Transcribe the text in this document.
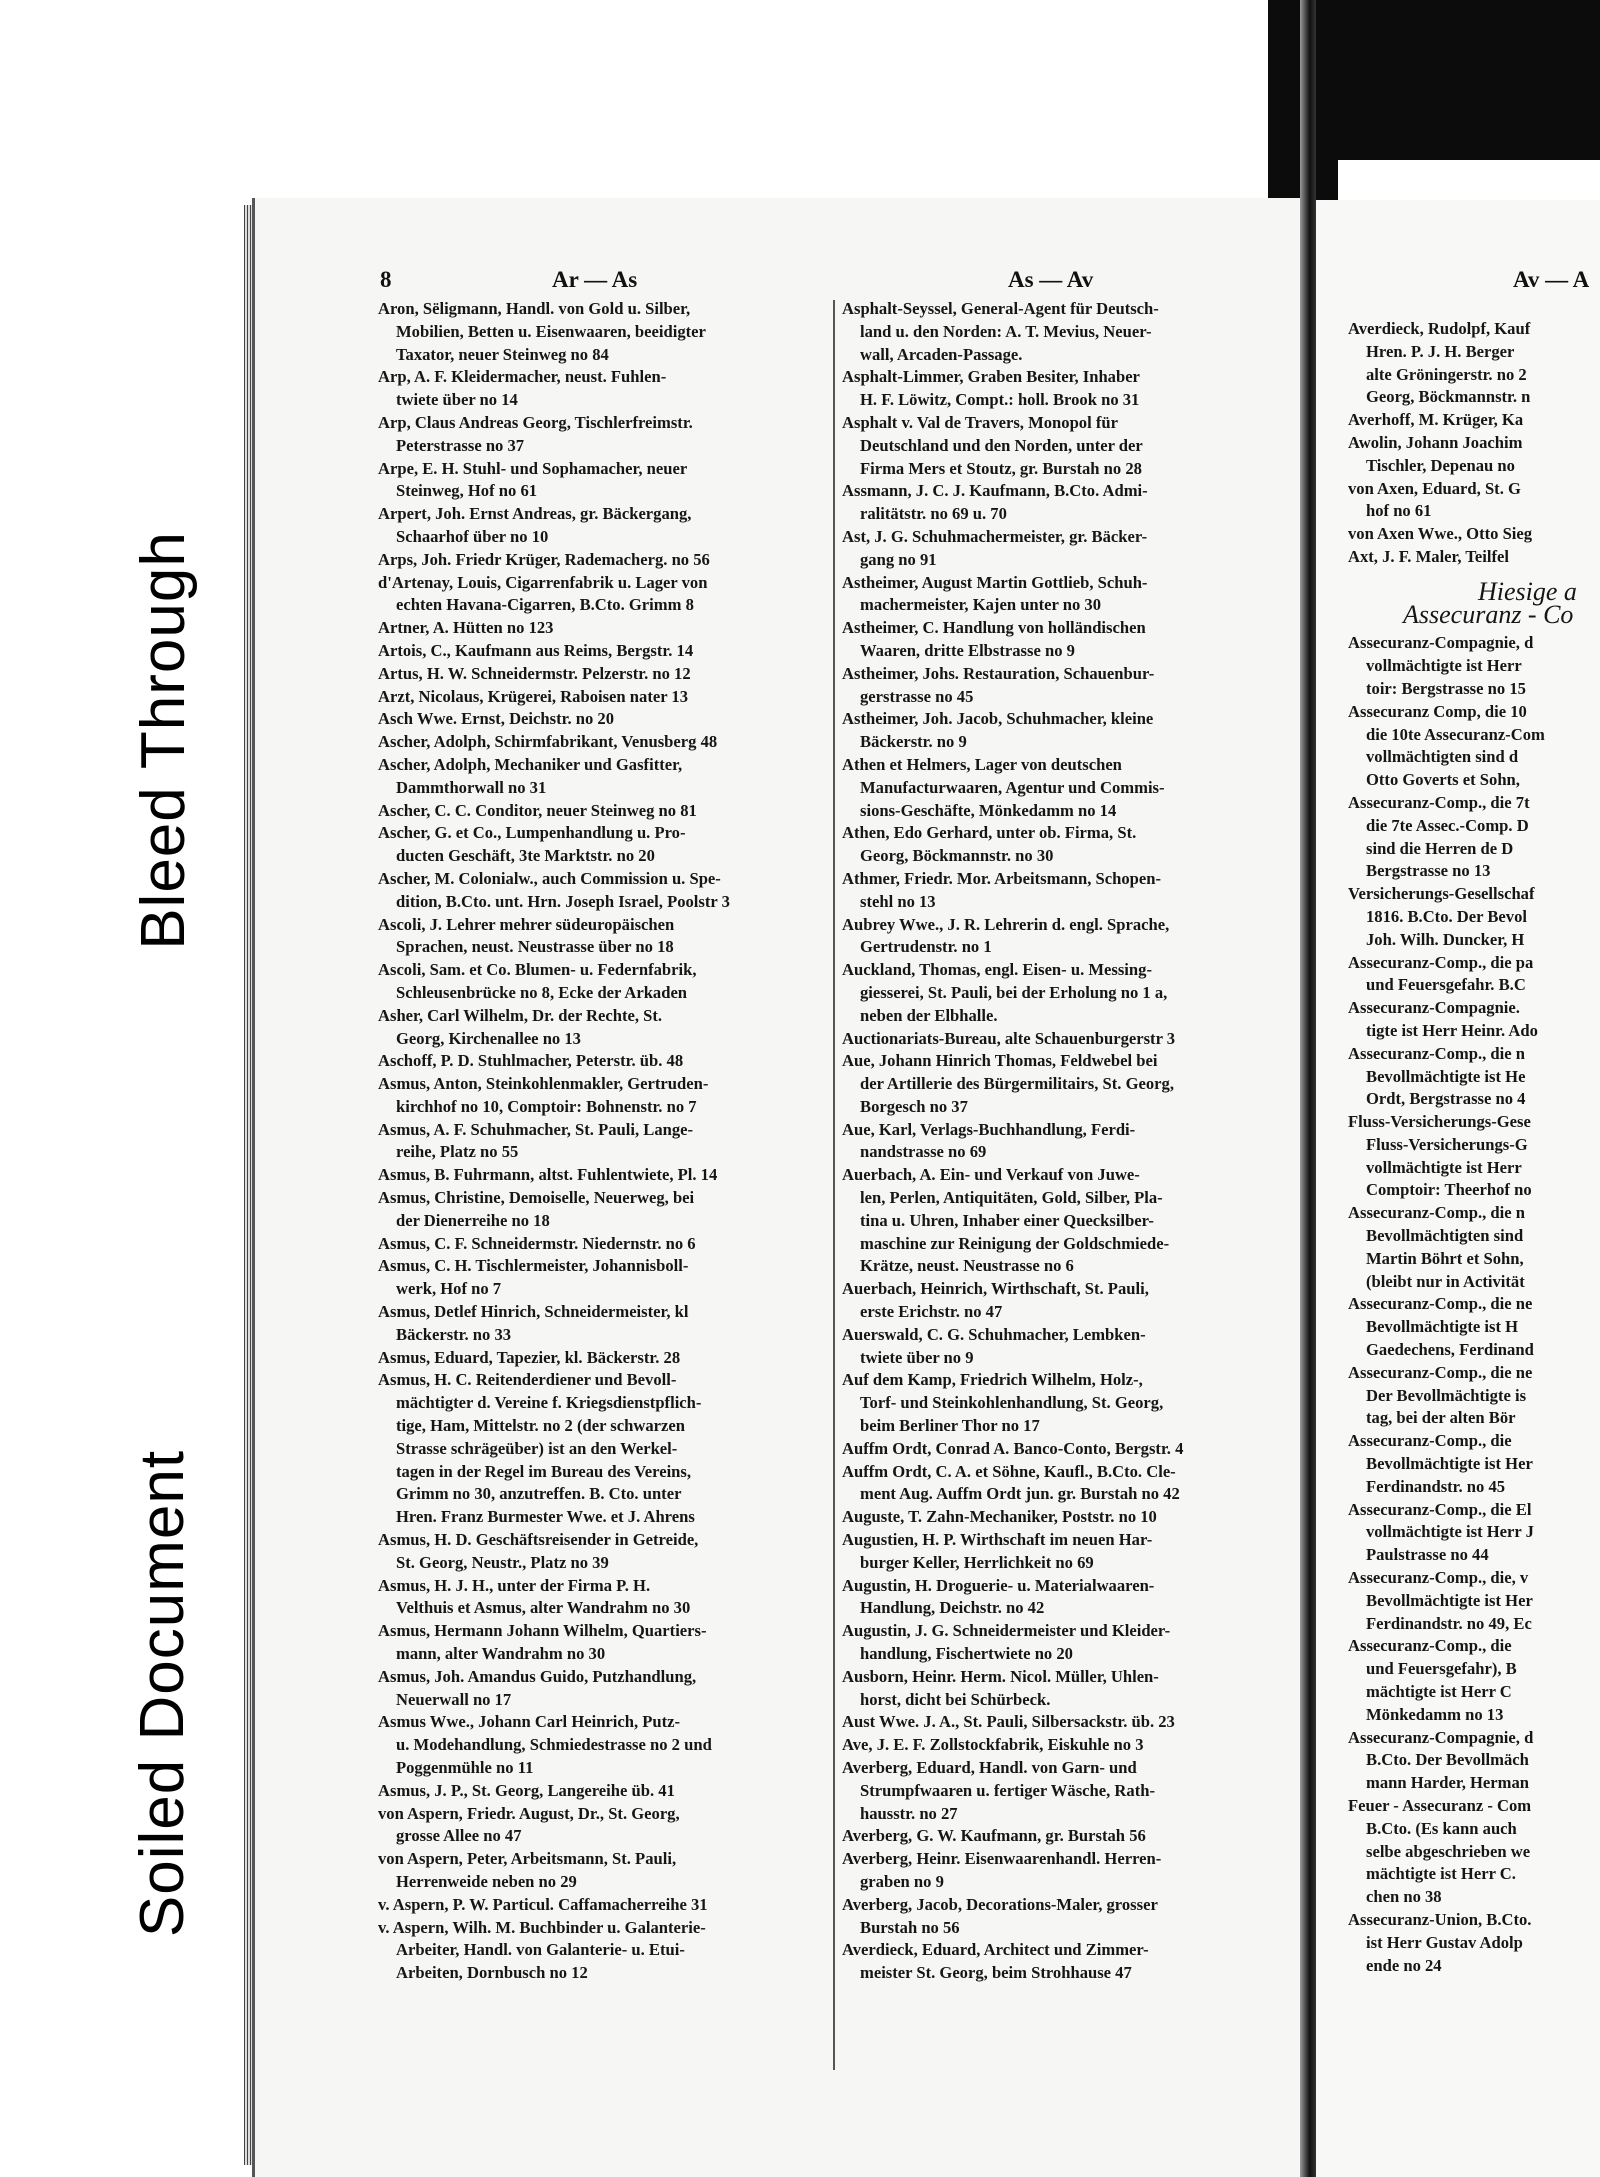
Bleed Through
Soiled Document
8	Ar — As	As — Av	Av — A
Aron, Sëligmann, Handl. von Gold u. Silber,
Mobilien, Betten u. Eisenwaaren, beeidigter
Taxator, neuer Steinweg no 84
Arp, A. F. Kleidermacher, neust. Fuhlen-
twiete über no 14
Arp, Claus Andreas Georg, Tischlerfreimstr.
Peterstrasse no 37
Arpe, E. H. Stuhl- und Sophamacher, neuer
Steinweg, Hof no 61
Arpert, Joh. Ernst Andreas, gr. Bäckergang,
Schaarhof über no 10
Arps, Joh. Friedr Krüger, Rademacherg. no 56
d'Artenay, Louis, Cigarrenfabrik u. Lager von
echten Havana-Cigarren, B.Cto. Grimm 8
Artner, A. Hütten no 123
Artois, C., Kaufmann aus Reims, Bergstr. 14
Artus, H. W. Schneidermstr. Pelzerstr. no 12
Arzt, Nicolaus, Krügerei, Raboisen nater 13
Asch Wwe. Ernst, Deichstr. no 20
Ascher, Adolph, Schirmfabrikant, Venusberg 48
Ascher, Adolph, Mechaniker und Gasfitter,
Dammthorwall no 31
Ascher, C. C. Conditor, neuer Steinweg no 81
Ascher, G. et Co., Lumpenhandlung u. Pro-
ducten Geschäft, 3te Marktstr. no 20
Ascher, M. Colonialw., auch Commission u. Spe-
dition, B.Cto. unt. Hrn. Joseph Israel, Poolstr 3
Ascoli, J. Lehrer mehrer südeuropäischen
Sprachen, neust. Neustrasse über no 18
Ascoli, Sam. et Co. Blumen- u. Federnfabrik,
Schleusenbrücke no 8, Ecke der Arkaden
Asher, Carl Wilhelm, Dr. der Rechte, St.
Georg, Kirchenallee no 13
Aschoff, P. D. Stuhlmacher, Peterstr. üb. 48
Asmus, Anton, Steinkohlenmakler, Gertruden-
kirchhof no 10, Comptoir: Bohnenstr. no 7
Asmus, A. F. Schuhmacher, St. Pauli, Lange-
reihe, Platz no 55
Asmus, B. Fuhrmann, altst. Fuhlentwiete, Pl. 14
Asmus, Christine, Demoiselle, Neuerweg, bei
der Dienerreihe no 18
Asmus, C. F. Schneidermstr. Niedernstr. no 6
Asmus, C. H. Tischlermeister, Johannisboll-
werk, Hof no 7
Asmus, Detlef Hinrich, Schneidermeister, kl
Bäckerstr. no 33
Asmus, Eduard, Tapezier, kl. Bäckerstr. 28
Asmus, H. C. Reitenderdiener und Bevoll-
mächtigter d. Vereine f. Kriegsdienstpflich-
tige, Ham, Mittelstr. no 2 (der schwarzen
Strasse schrägeüber) ist an den Werkel-
tagen in der Regel im Bureau des Vereins,
Grimm no 30, anzutreffen. B. Cto. unter
Hren. Franz Burmester Wwe. et J. Ahrens
Asmus, H. D. Geschäftsreisender in Getreide,
St. Georg, Neustr., Platz no 39
Asmus, H. J. H., unter der Firma P. H.
Velthuis et Asmus, alter Wandrahm no 30
Asmus, Hermann Johann Wilhelm, Quartiers-
mann, alter Wandrahm no 30
Asmus, Joh. Amandus Guido, Putzhandlung,
Neuerwall no 17
Asmus Wwe., Johann Carl Heinrich, Putz-
u. Modehandlung, Schmiedestrasse no 2 und
Poggenmühle no 11
Asmus, J. P., St. Georg, Langereihe üb. 41
von Aspern, Friedr. August, Dr., St. Georg,
grosse Allee no 47
von Aspern, Peter, Arbeitsmann, St. Pauli,
Herrenweide neben no 29
v. Aspern, P. W. Particul. Caffamacherreihe 31
v. Aspern, Wilh. M. Buchbinder u. Galanterie-
Arbeiter, Handl. von Galanterie- u. Etui-
Arbeiten, Dornbusch no 12
Asphalt-Seyssel, General-Agent für Deutsch-
land u. den Norden: A. T. Mevius, Neuer-
wall, Arcaden-Passage.
Asphalt-Limmer, Graben Besiter, Inhaber
H. F. Löwitz, Compt.: holl. Brook no 31
Asphalt v. Val de Travers, Monopol für
Deutschland und den Norden, unter der
Firma Mers et Stoutz, gr. Burstah no 28
Assmann, J. C. J. Kaufmann, B.Cto. Admi-
ralitätstr. no 69 u. 70
Ast, J. G. Schuhmachermeister, gr. Bäcker-
gang no 91
Astheimer, August Martin Gottlieb, Schuh-
machermeister, Kajen unter no 30
Astheimer, C. Handlung von holländischen
Waaren, dritte Elbstrasse no 9
Astheimer, Johs. Restauration, Schauenbur-
gerstrasse no 45
Astheimer, Joh. Jacob, Schuhmacher, kleine
Bäckerstr. no 9
Athen et Helmers, Lager von deutschen
Manufacturwaaren, Agentur und Commis-
sions-Geschäfte, Mönkedamm no 14
Athen, Edo Gerhard, unter ob. Firma, St.
Georg, Böckmannstr. no 30
Athmer, Friedr. Mor. Arbeitsmann, Schopen-
stehl no 13
Aubrey Wwe., J. R. Lehrerin d. engl. Sprache,
Gertrudenstr. no 1
Auckland, Thomas, engl. Eisen- u. Messing-
giesserei, St. Pauli, bei der Erholung no 1 a,
neben der Elbhalle.
Auctionariats-Bureau, alte Schauenburgerstr 3
Aue, Johann Hinrich Thomas, Feldwebel bei
der Artillerie des Bürgermilitairs, St. Georg,
Borgesch no 37
Aue, Karl, Verlags-Buchhandlung, Ferdi-
nandstrasse no 69
Auerbach, A. Ein- und Verkauf von Juwe-
len, Perlen, Antiquitäten, Gold, Silber, Pla-
tina u. Uhren, Inhaber einer Quecksilber-
maschine zur Reinigung der Goldschmiede-
Krätze, neust. Neustrasse no 6
Auerbach, Heinrich, Wirthschaft, St. Pauli,
erste Erichstr. no 47
Auerswald, C. G. Schuhmacher, Lembken-
twiete über no 9
Auf dem Kamp, Friedrich Wilhelm, Holz-,
Torf- und Steinkohlenhandlung, St. Georg,
beim Berliner Thor no 17
Auffm Ordt, Conrad A. Banco-Conto, Bergstr. 4
Auffm Ordt, C. A. et Söhne, Kaufl., B.Cto. Cle-
ment Aug. Auffm Ordt jun. gr. Burstah no 42
Auguste, T. Zahn-Mechaniker, Poststr. no 10
Augustien, H. P. Wirthschaft im neuen Har-
burger Keller, Herrlichkeit no 69
Augustin, H. Droguerie- u. Materialwaaren-
Handlung, Deichstr. no 42
Augustin, J. G. Schneidermeister und Kleider-
handlung, Fischertwiete no 20
Ausborn, Heinr. Herm. Nicol. Müller, Uhlen-
horst, dicht bei Schürbeck.
Aust Wwe. J. A., St. Pauli, Silbersackstr. üb. 23
Ave, J. E. F. Zollstockfabrik, Eiskuhle no 3
Averberg, Eduard, Handl. von Garn- und
Strumpfwaaren u. fertiger Wäsche, Rath-
hausstr. no 27
Averberg, G. W. Kaufmann, gr. Burstah 56
Averberg, Heinr. Eisenwaarenhandl. Herren-
graben no 9
Averberg, Jacob, Decorations-Maler, grosser
Burstah no 56
Averdieck, Eduard, Architect und Zimmer-
meister St. Georg, beim Strohhause 47
Averdieck, Rudolpf, Kauf
Hren. P. J. H. Berger
alte Gröningerstr. no 2
Georg, Böckmannstr. n
Averhoff, M. Krüger, Ka
Awolin, Johann Joachim
Tischler, Depenau no
von Axen, Eduard, St. G
hof no 61
von Axen Wwe., Otto Sieg
Axt, J. F. Maler, Teilfel
Hiesige a
Assecuranz - Co
Assecuranz-Compagnie, d
vollmächtigte ist Herr
toir: Bergstrasse no 15
Assecuranz Comp, die 10
die 10te Assecuranz-Com
vollmächtigten sind d
Otto Goverts et Sohn,
Assecuranz-Comp., die 7t
die 7te Assec.-Comp. D
sind die Herren de D
Bergstrasse no 13
Versicherungs-Gesellschaf
1816. B.Cto. Der Bevol
Joh. Wilh. Duncker, H
Assecuranz-Comp., die pa
und Feuersgefahr. B.C
Assecuranz-Compagnie.
tigte ist Herr Heinr. Ado
Assecuranz-Comp., die n
Bevollmächtigte ist He
Ordt, Bergstrasse no 4
Fluss-Versicherungs-Gese
Fluss-Versicherungs-G
vollmächtigte ist Herr
Comptoir: Theerhof no
Assecuranz-Comp., die n
Bevollmächtigten sind
Martin Böhrt et Sohn,
(bleibt nur in Activität
Assecuranz-Comp., die ne
Bevollmächtigte ist H
Gaedechens, Ferdinand
Assecuranz-Comp., die ne
Der Bevollmächtigte is
tag, bei der alten Bör
Assecuranz-Comp., die
Bevollmächtigte ist Her
Ferdinandstr. no 45
Assecuranz-Comp., die El
vollmächtigte ist Herr J
Paulstrasse no 44
Assecuranz-Comp., die, v
Bevollmächtigte ist Her
Ferdinandstr. no 49, Ec
Assecuranz-Comp., die
und Feuersgefahr), B
mächtigte ist Herr C
Mönkedamm no 13
Assecuranz-Compagnie, d
B.Cto. Der Bevollmäch
mann Harder, Herman
Feuer - Assecuranz - Com
B.Cto. (Es kann auch
selbe abgeschrieben we
mächtigte ist Herr C.
chen no 38
Assecuranz-Union, B.Cto.
ist Herr Gustav Adolp
ende no 24
